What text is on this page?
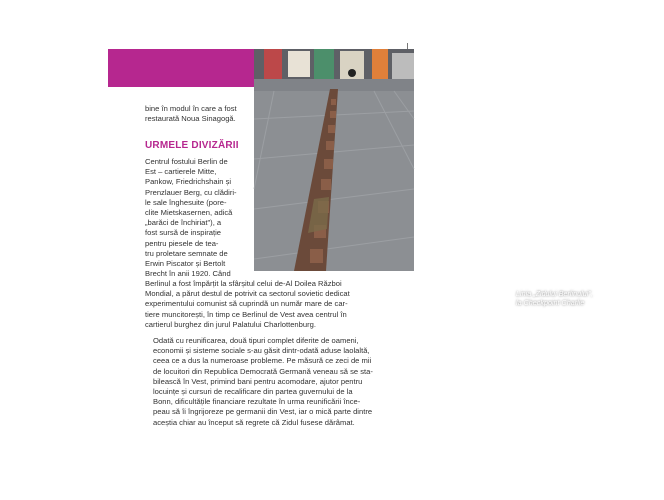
Linia „Zidului Berlinului",
la Checkpoint Charlie
bine în modul în care a fost restaurată Noua Sinagogă.
URMELE DIVIZĂRII
Centrul fostului Berlin de
Est – cartierele Mitte,
Pankow, Friedrichshain și
Prenzlauer Berg, cu clădiri-
le sale înghesuite (pore-
clite Mietskasernen, adică
„barăci de închiriat"), a
fost sursă de inspirație
pentru piesele de tea-
tru proletare semnate de
Erwin Piscator și Bertolt
Brecht în anii 1920. Când
Berlinul a fost împărțit la sfârșitul celui de-Al Doilea Război
Mondial, a părut destul de potrivit ca sectorul sovietic dedicat
experimentului comunist să cuprindă un număr mare de car-
tiere muncitorești, în timp ce Berlinul de Vest avea centrul în
cartierul burghez din jurul Palatului Charlottenburg.
Odată cu reunificarea, două tipuri complet diferite de oameni,
economii și sisteme sociale s-au găsit dintr-odată aduse laolaltă,
ceea ce a dus la numeroase probleme. Pe măsură ce zeci de mii
de locuitori din Republica Democrată Germană veneau să se sta-
bilească în Vest, primind bani pentru acomodare, ajutor pentru
locuințe și cursuri de recalificare din partea guvernului de la
Bonn, dificultățile financiare rezultate în urma reunificării înce-
peau să îi îngrijoreze pe germanii din Vest, iar o mică parte dintre
aceștia chiar au început să regrete că Zidul fusese dărâmat.
